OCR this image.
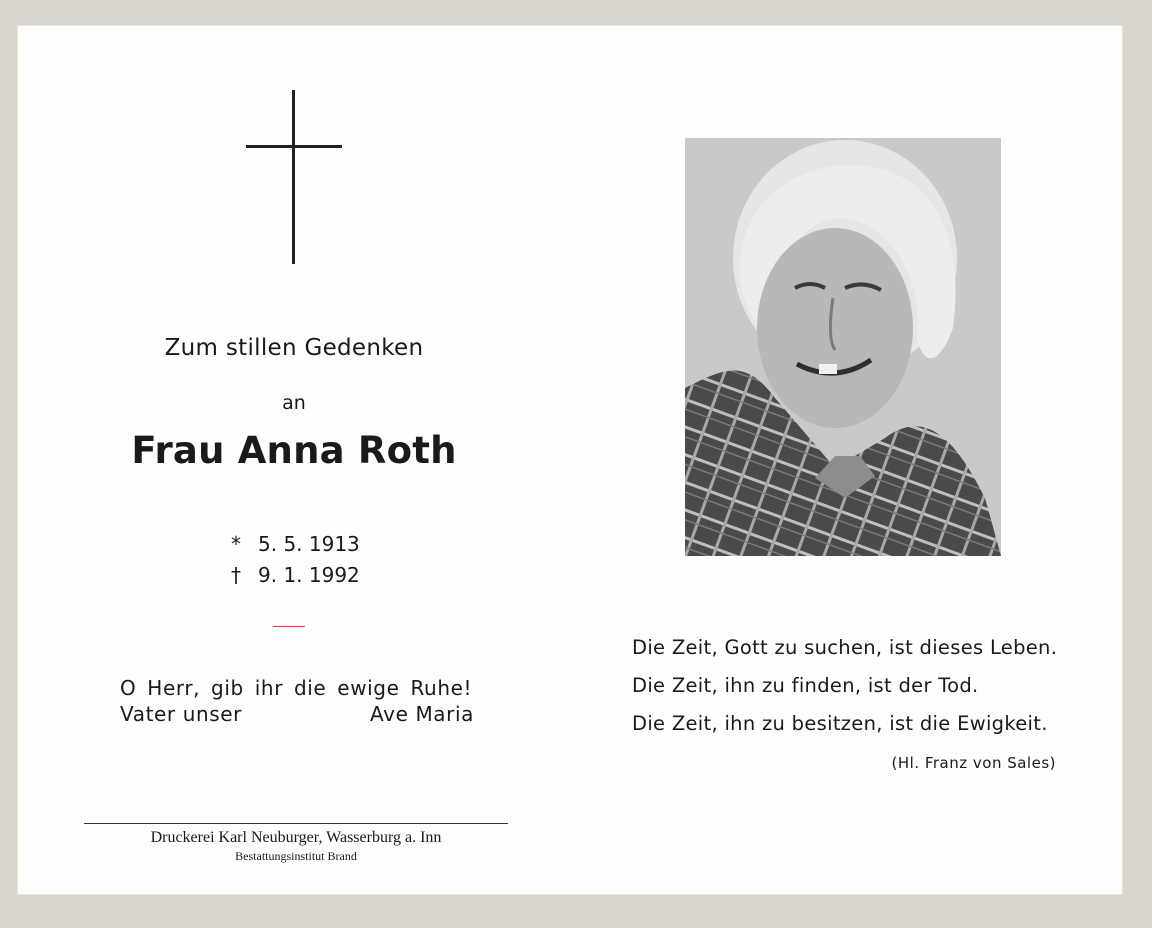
Zum stillen Gedenken
an
Frau Anna Roth
* 5. 5. 1913
† 9. 1. 1992
O Herr, gib ihr die ewige Ruhe!
Vater unser	Ave Maria
Druckerei Karl Neuburger, Wasserburg a. Inn
Bestattungsinstitut Brand
Die Zeit, Gott zu suchen, ist dieses Leben.
Die Zeit, ihn zu finden, ist der Tod.
Die Zeit, ihn zu besitzen, ist die Ewigkeit.
(Hl. Franz von Sales)
